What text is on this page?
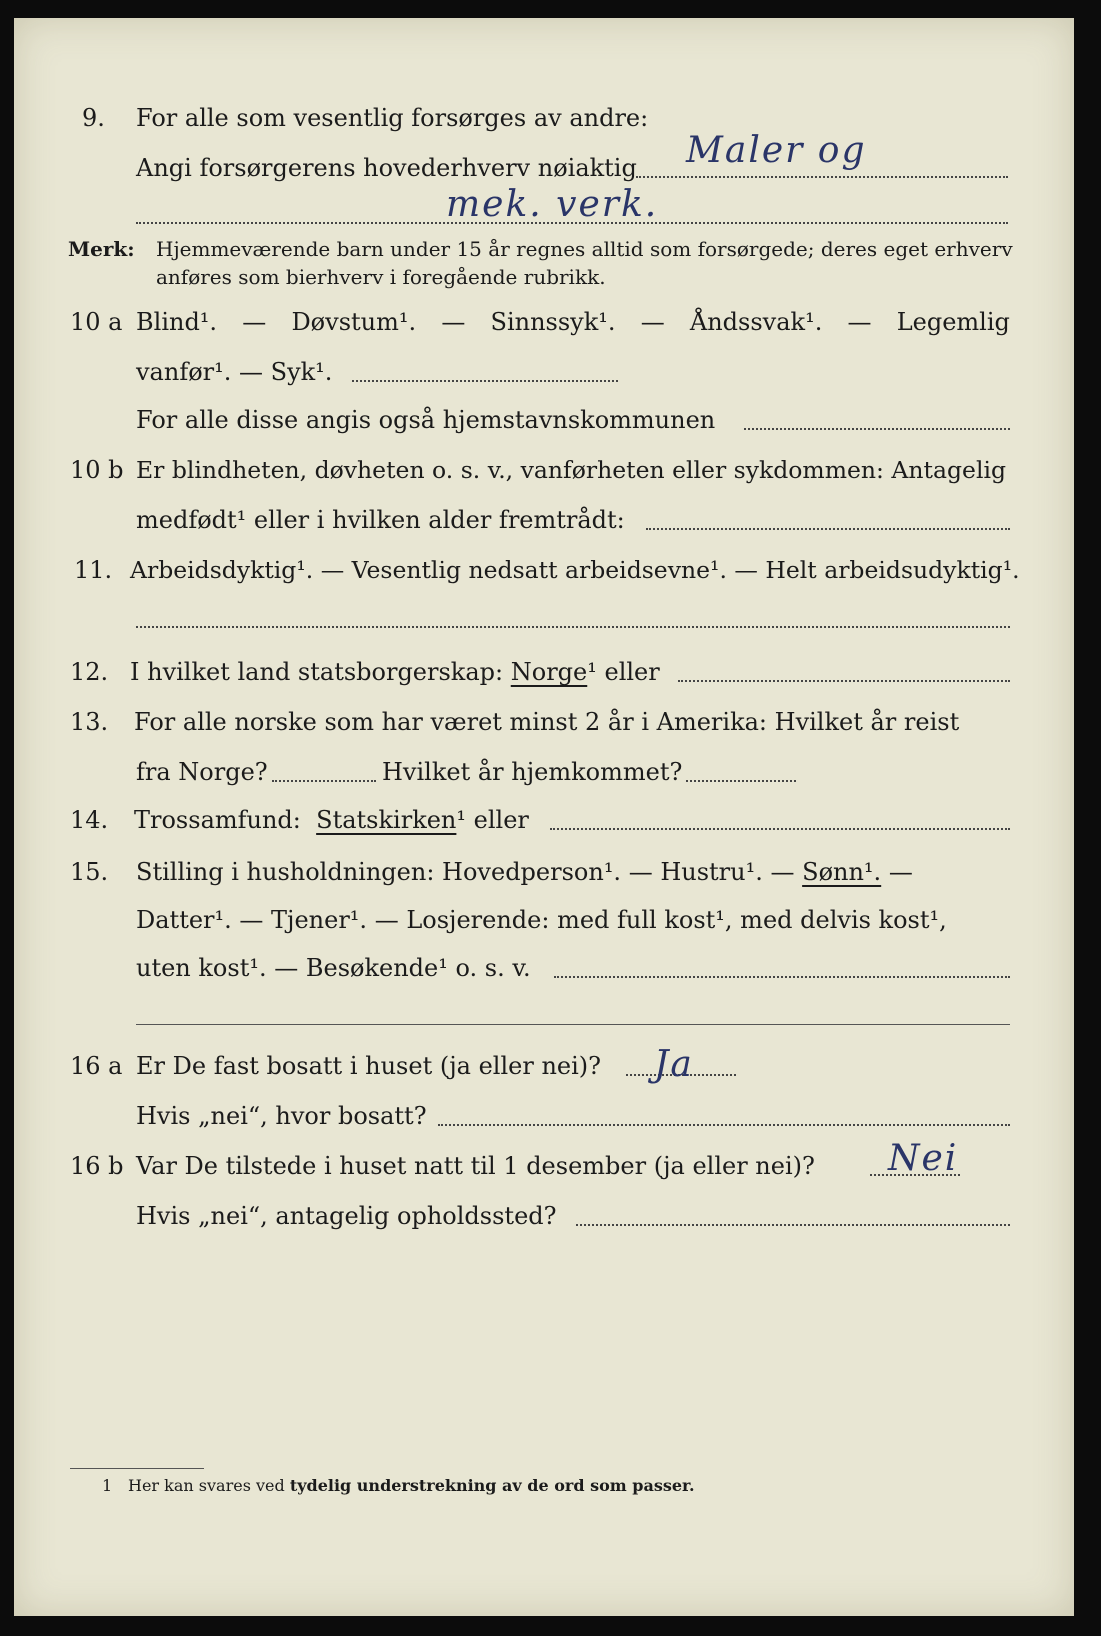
9. For alle som vesentlig forsørges av andre:
Angi forsørgerens hovederhverv nøiaktig Maler og
mek. verk.
Merk: Hjemmeværende barn under 15 år regnes alltid som forsørgede; deres eget erhverv
anføres som bierhverv i foregående rubrikk.
10 a Blind¹. — Døvstum¹. — Sinnssyk¹. — Åndssvak¹. — Legemlig
vanfør¹. — Syk¹.
For alle disse angis også hjemstavnskommunen
10 b Er blindheten, døvheten o. s. v., vanførheten eller sykdommen: Antagelig
medfødt¹ eller i hvilken alder fremtrådt:
11. Arbeidsdyktig¹. — Vesentlig nedsatt arbeidsevne¹. — Helt arbeidsudyktig¹.
12. I hvilket land statsborgerskap: Norge¹ eller
13. For alle norske som har været minst 2 år i Amerika: Hvilket år reist
fra Norge?	Hvilket år hjemkommet?
14. Trossamfund: Statskirken¹ eller
15. Stilling i husholdningen: Hovedperson¹. — Hustru¹. — Sønn¹. —
Datter¹. — Tjener¹. — Losjerende: med full kost¹, med delvis kost¹,
uten kost¹. — Besøkende¹ o. s. v.
16 a Er De fast bosatt i huset (ja eller nei)? Ja
Hvis „nei“, hvor bosatt?
16 b Var De tilstede i huset natt til 1 desember (ja eller nei)? Nei
Hvis „nei“, antagelig opholdssted?
1 Her kan svares ved tydelig understrekning av de ord som passer.
